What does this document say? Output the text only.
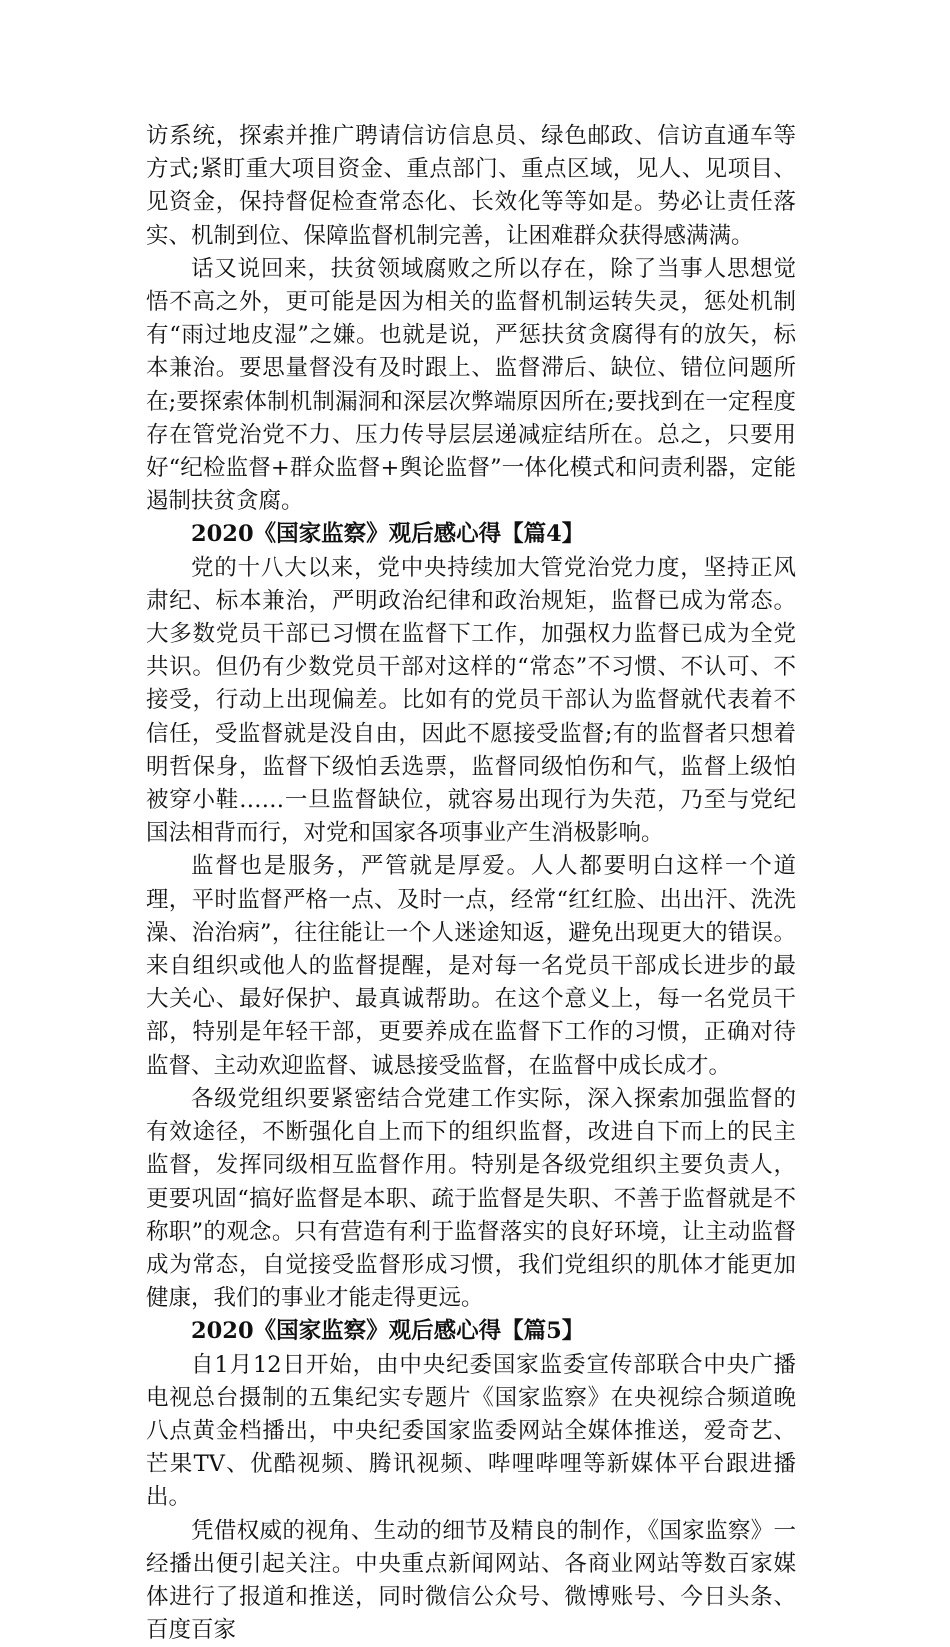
访系统，探索并推广聘请信访信息员、绿色邮政、信访直通车等方式;紧盯重大项目资金、重点部门、重点区域，见人、见项目、见资金，保持督促检查常态化、长效化等等如是。势必让责任落实、机制到位、保障监督机制完善，让困难群众获得感满满。

话又说回来，扶贫领域腐败之所以存在，除了当事人思想觉悟不高之外，更可能是因为相关的监督机制运转失灵，惩处机制有“雨过地皮湿”之嫌。也就是说，严惩扶贫贪腐得有的放矢，标本兼治。要思量督没有及时跟上、监督滞后、缺位、错位问题所在;要探索体制机制漏洞和深层次弊端原因所在;要找到在一定程度存在管党治党不力、压力传导层层递减症结所在。总之，只要用好“纪检监督+群众监督+舆论监督”一体化模式和问责利器，定能遏制扶贫贪腐。

2020《国家监察》观后感心得【篇4】

党的十八大以来，党中央持续加大管党治党力度，坚持正风肃纪、标本兼治，严明政治纪律和政治规矩，监督已成为常态。大多数党员干部已习惯在监督下工作，加强权力监督已成为全党共识。但仍有少数党员干部对这样的“常态”不习惯、不认可、不接受，行动上出现偏差。比如有的党员干部认为监督就代表着不信任，受监督就是没自由，因此不愿接受监督;有的监督者只想着明哲保身，监督下级怕丢选票，监督同级怕伤和气，监督上级怕被穿小鞋……一旦监督缺位，就容易出现行为失范，乃至与党纪国法相背而行，对党和国家各项事业产生消极影响。

监督也是服务，严管就是厚爱。人人都要明白这样一个道理，平时监督严格一点、及时一点，经常“红红脸、出出汗、洗洗澡、治治病”，往往能让一个人迷途知返，避免出现更大的错误。来自组织或他人的监督提醒，是对每一名党员干部成长进步的最大关心、最好保护、最真诚帮助。在这个意义上，每一名党员干部，特别是年轻干部，更要养成在监督下工作的习惯，正确对待监督、主动欢迎监督、诚恳接受监督，在监督中成长成才。

各级党组织要紧密结合党建工作实际，深入探索加强监督的有效途径，不断强化自上而下的组织监督，改进自下而上的民主监督，发挥同级相互监督作用。特别是各级党组织主要负责人，更要巩固“搞好监督是本职、疏于监督是失职、不善于监督就是不称职”的观念。只有营造有利于监督落实的良好环境，让主动监督成为常态，自觉接受监督形成习惯，我们党组织的肌体才能更加健康，我们的事业才能走得更远。

2020《国家监察》观后感心得【篇5】

自1月12日开始，由中央纪委国家监委宣传部联合中央广播电视总台摄制的五集纪实专题片《国家监察》在央视综合频道晚八点黄金档播出，中央纪委国家监委网站全媒体推送，爱奇艺、芒果TV、优酷视频、腾讯视频、哔哩哔哩等新媒体平台跟进播出。

凭借权威的视角、生动的细节及精良的制作，《国家监察》一经播出便引起关注。中央重点新闻网站、各商业网站等数百家媒体进行了报道和推送，同时微信公众号、微博账号、今日头条、百度百家
